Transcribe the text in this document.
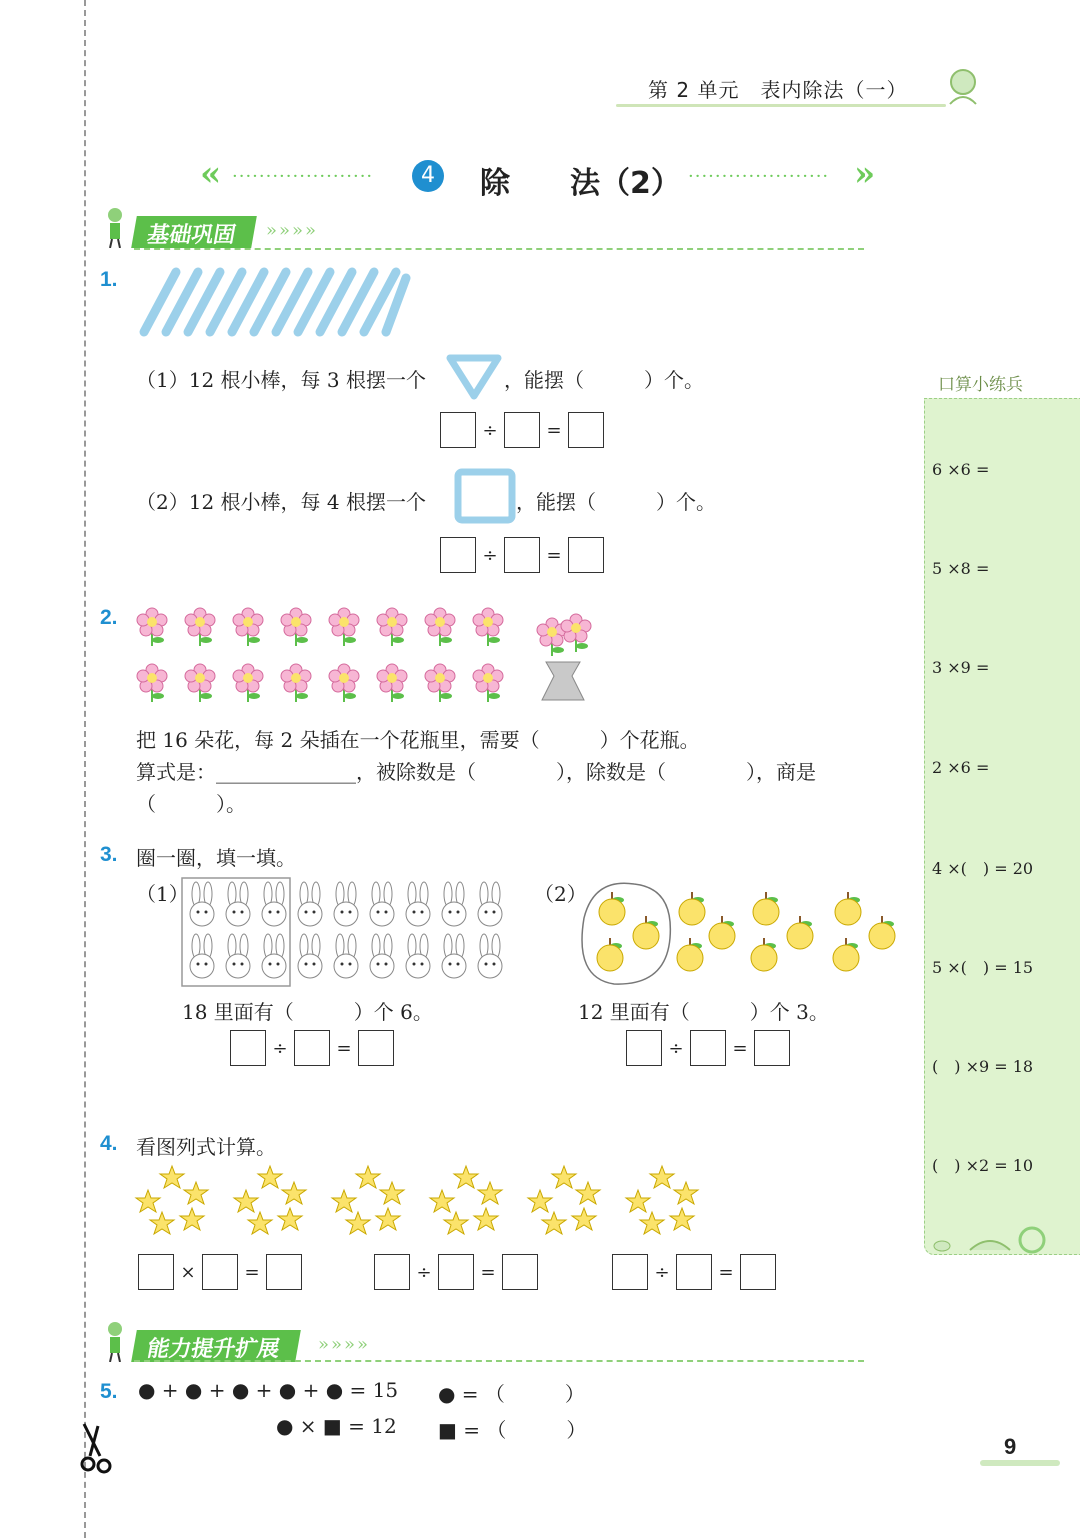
第 2 单元　 表内除法（一）
« ·····················	4	除　　法（2） ····················· »
基础巩固	»»»»
1.
（1）12 根小棒，每 3 根摆一个	，能摆（　　　）个。
÷	=
（2）12 根小棒，每 4 根摆一个	，能摆（　　　）个。
÷	=
2.
把 16 朵花，每 2 朵插在一个花瓶里，需要（　　　）个花瓶。
算式是：______________，被除数是（　　　　），除数是（　　　　），商是
（　　　）。
3. 圈一圈，填一填。
（1）
18 里面有（　　　）个 6。
÷	=
（2）
12 里面有（　　　）个 3。
÷	=
4. 看图列式计算。
×	=	÷	=	÷	=
能力提升扩展	»»»»
5. ● + ● + ● + ● + ● = 15 ● = （　　　）
● × ■ = 12 ■ = （　　　）
口算小练兵
6 ×6 =
5 ×8 =
3 ×9 =
2 ×6 =
4 ×(　) = 20
5 ×(　) = 15
(　) ×9 = 18
(　) ×2 = 10
9
